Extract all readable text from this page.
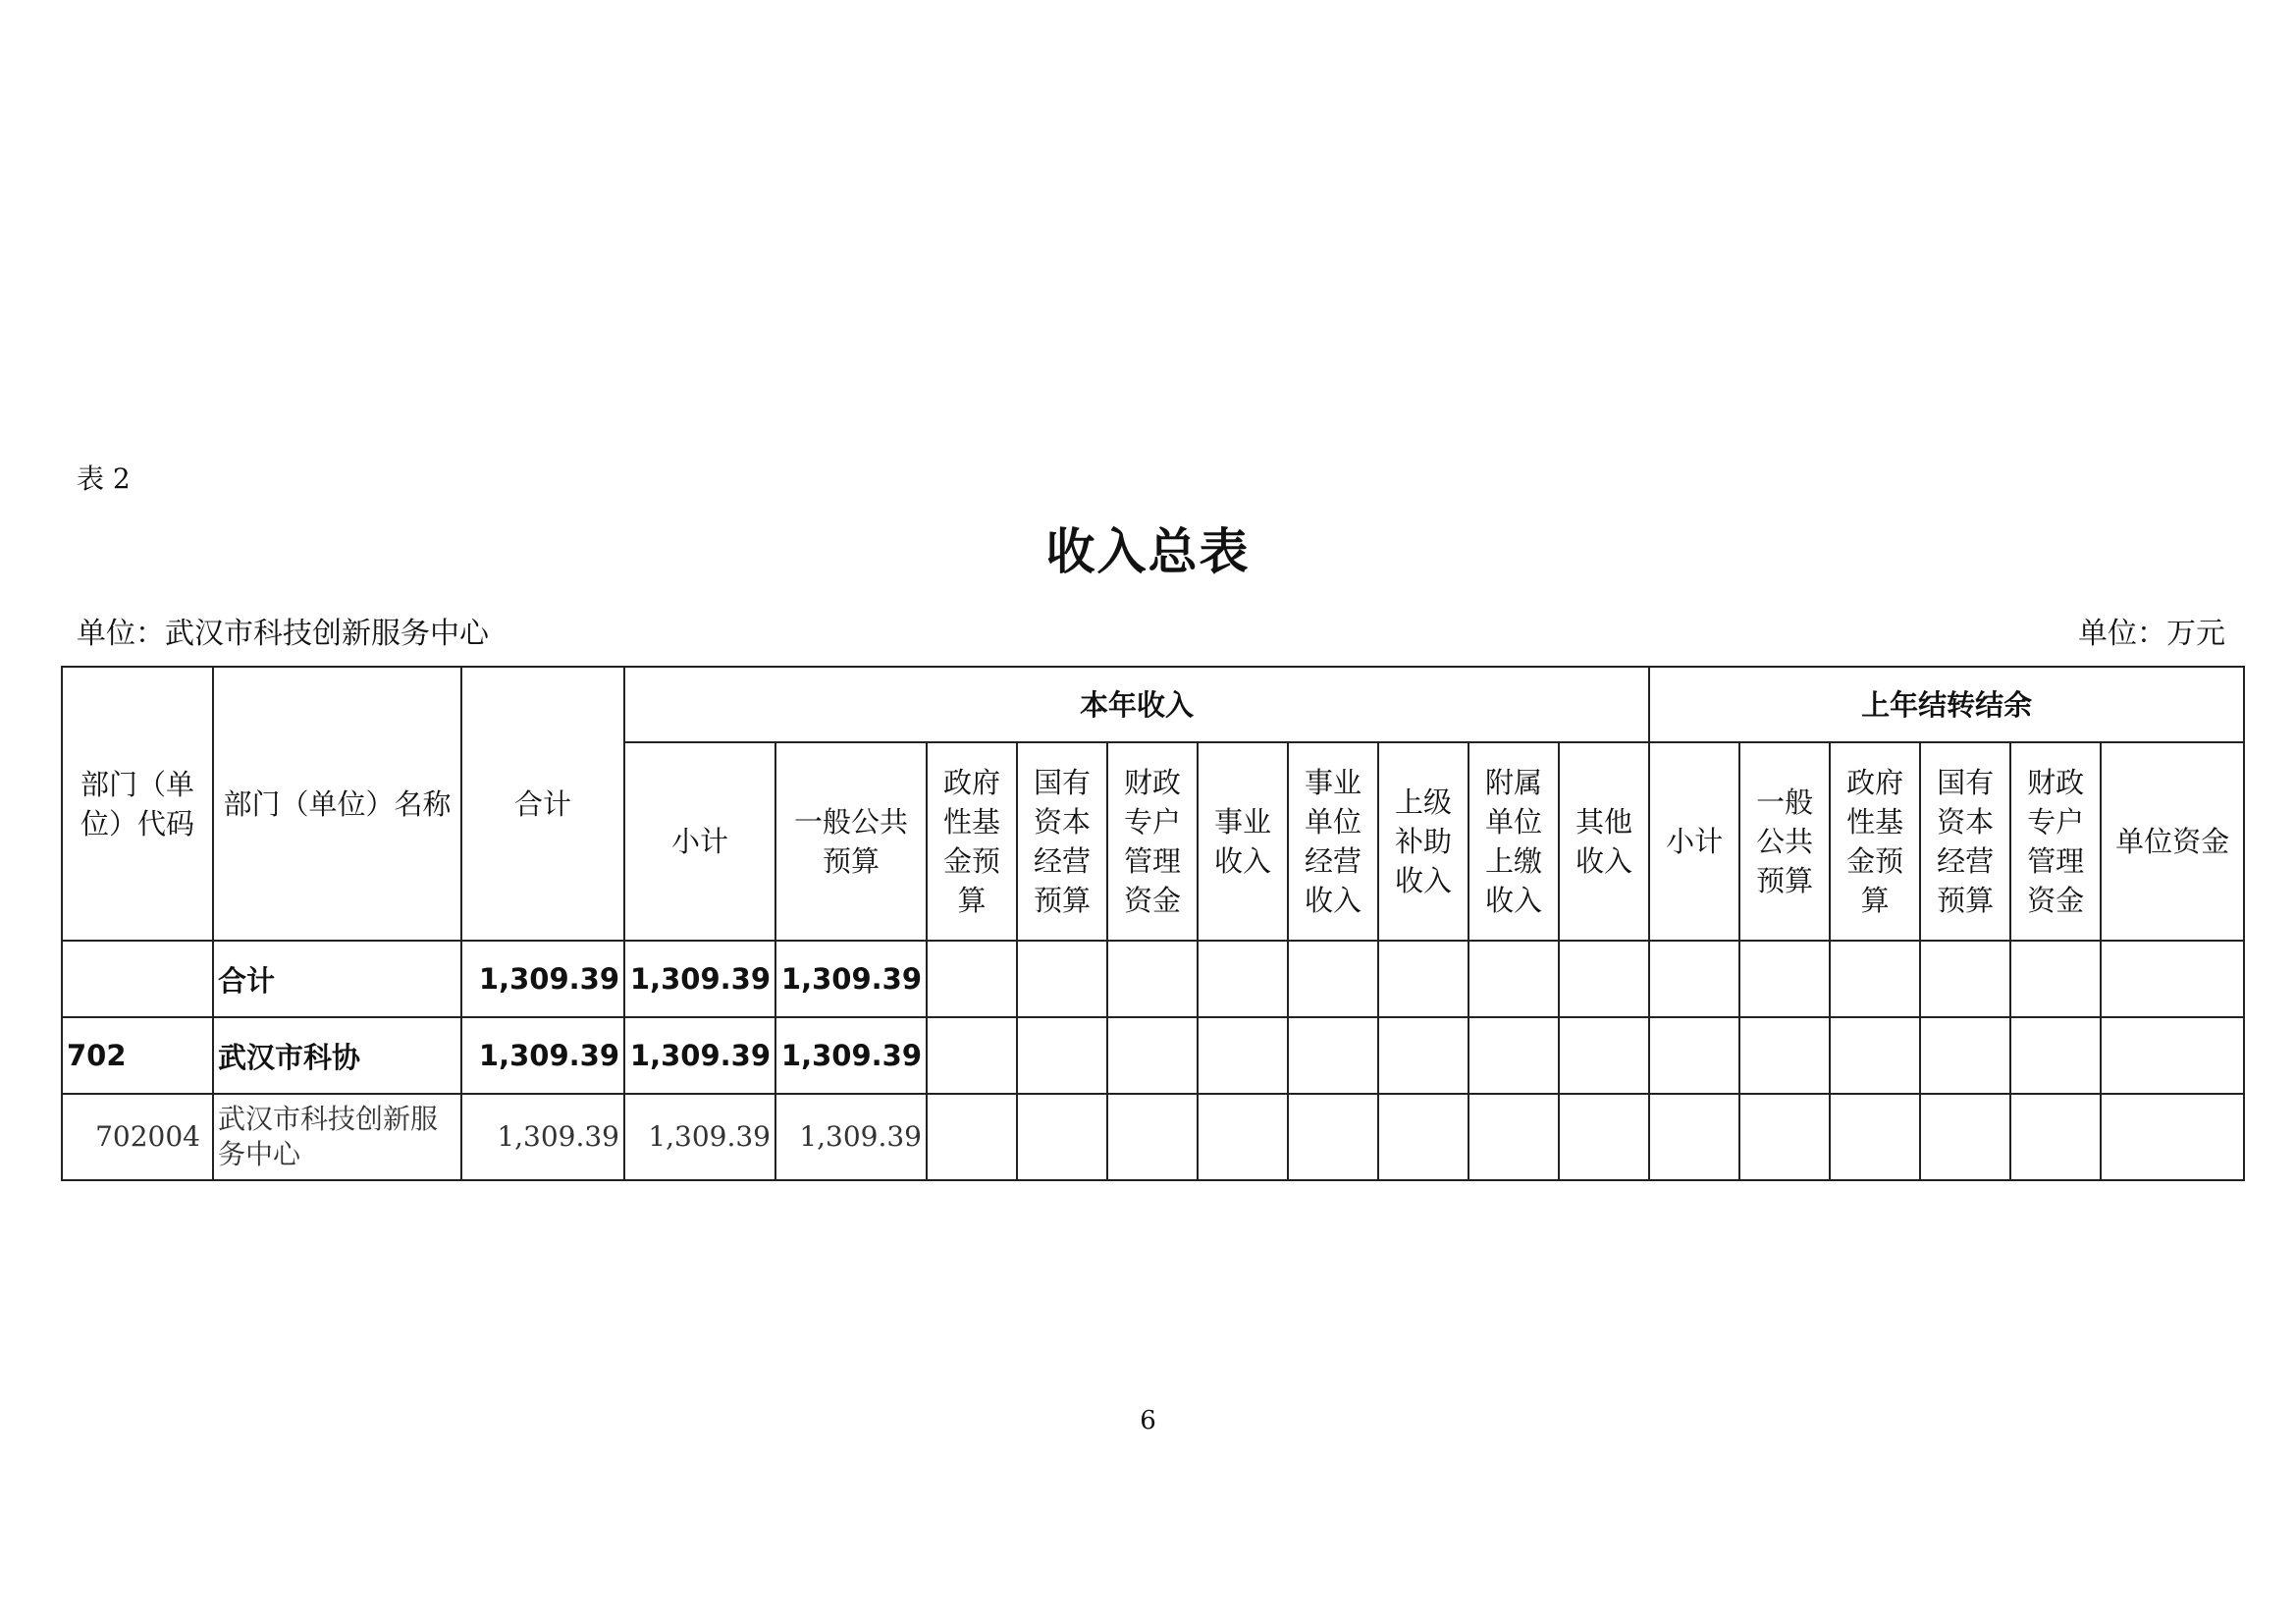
表 2
收入总表
单位：武汉市科技创新服务中心	单位：万元
部门（单位）代码	部门（单位）名称	合计	本年收入										上年结转结余					
			小计	一般公共预算	政府性基金预算	国有资本经营预算	财政专户管理资金	事业收入	事业单位经营收入	上级补助收入	附属单位上缴收入	其他收入	小计	一般公共预算	政府性基金预算	国有资本经营预算	财政专户管理资金	单位资金
	合计	1,309.39	1,309.39	1,309.39														
702	武汉市科协	1,309.39	1,309.39	1,309.39														
702004	武汉市科技创新服务中心	1,309.39	1,309.39	1,309.39														
6
